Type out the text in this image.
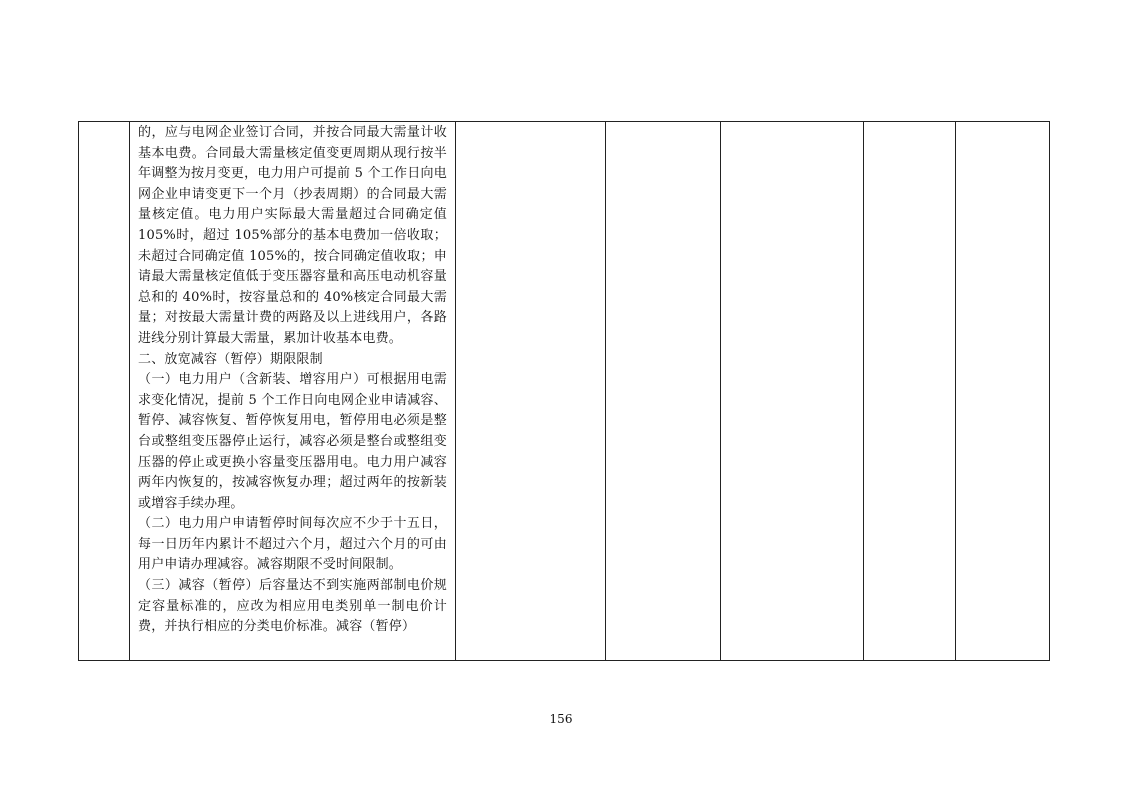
的，应与电网企业签订合同，并按合同最大需量计收基本电费。合同最大需量核定值变更周期从现行按半年调整为按月变更，电力用户可提前 5 个工作日向电网企业申请变更下一个月（抄表周期）的合同最大需量核定值。电力用户实际最大需量超过合同确定值 105%时，超过 105%部分的基本电费加一倍收取；未超过合同确定值 105%的，按合同确定值收取；申请最大需量核定值低于变压器容量和高压电动机容量总和的 40%时，按容量总和的 40%核定合同最大需量；对按最大需量计费的两路及以上进线用户，各路进线分别计算最大需量，累加计收基本电费。

二、放宽减容（暂停）期限限制

（一）电力用户（含新装、增容用户）可根据用电需求变化情况，提前 5 个工作日向电网企业申请减容、暂停、减容恢复、暂停恢复用电，暂停用电必须是整台或整组变压器停止运行，减容必须是整台或整组变压器的停止或更换小容量变压器用电。电力用户减容两年内恢复的，按减容恢复办理；超过两年的按新装或增容手续办理。

（二）电力用户申请暂停时间每次应不少于十五日，每一日历年内累计不超过六个月，超过六个月的可由用户申请办理减容。减容期限不受时间限制。

（三）减容（暂停）后容量达不到实施两部制电价规定容量标准的，应改为相应用电类别单一制电价计费，并执行相应的分类电价标准。减容（暂停）

156
